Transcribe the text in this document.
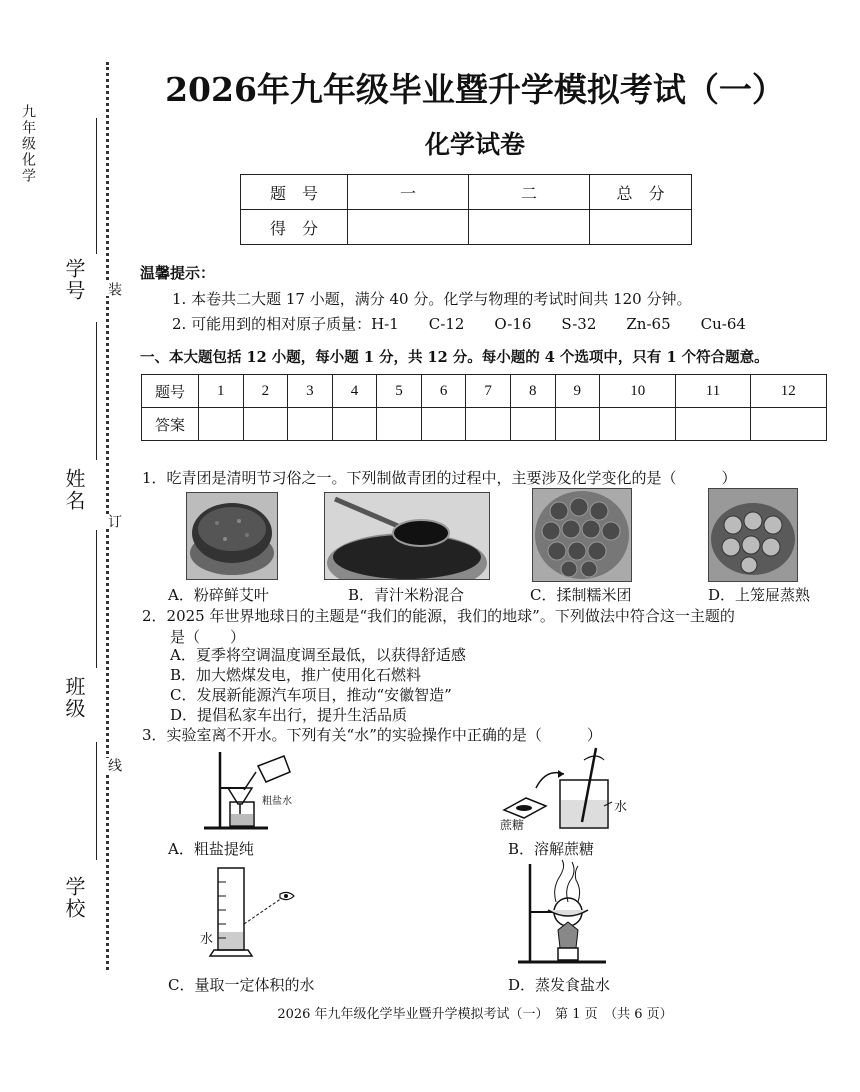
九年级化学
学号
姓名
班级
学校
装
订
线
2026年九年级毕业暨升学模拟考试（一）
化学试卷
题　号	一	二	总　分
得　分			
温馨提示：
1. 本卷共二大题 17 小题，满分 40 分。化学与物理的考试时间共 120 分钟。
2. 可能用到的相对原子质量：H-1　　C-12　　O-16　　S-32　　Zn-65　　Cu-64
一、本大题包括 12 小题，每小题 1 分，共 12 分。每小题的 4 个选项中，只有 1 个符合题意。
题号	1	2	3	4	5	6	7	8	9	10	11	12
答案												
1．吃青团是清明节习俗之一。下列制做青团的过程中，主要涉及化学变化的是（　　　）
A．粉碎鲜艾叶	B．青汁米粉混合	C．揉制糯米团	D．上笼屉蒸熟
2．2025 年世界地球日的主题是“我们的能源，我们的地球”。下列做法中符合这一主题的
是（　　）
A．夏季将空调温度调至最低，以获得舒适感
B．加大燃煤发电，推广使用化石燃料
C．发展新能源汽车项目，推动“安徽智造”
D．提倡私家车出行，提升生活品质
3．实验室离不开水。下列有关“水”的实验操作中正确的是（　　　）
粗盐水
蔗糖
水
A．粗盐提纯	B．溶解蔗糖
水
C．量取一定体积的水	D．蒸发食盐水
2026 年九年级化学毕业暨升学模拟考试（一）　第 1 页　（共 6 页）
